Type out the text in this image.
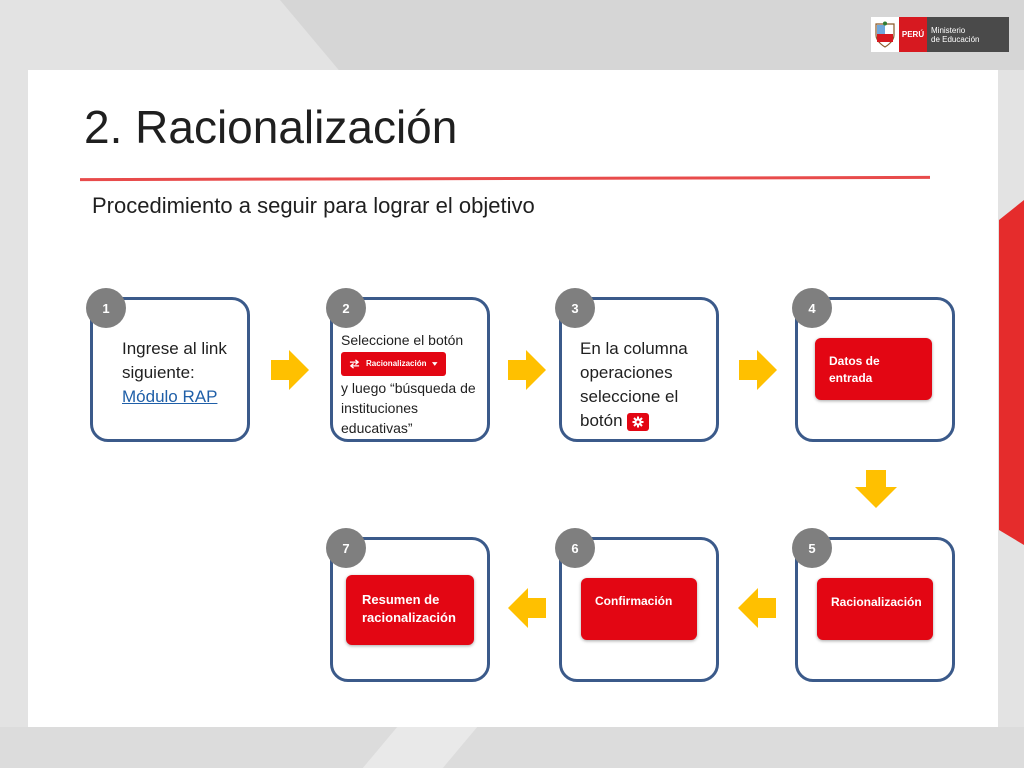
PERÚ Ministerio
de Educación
2. Racionalización
Procedimiento a seguir para lograr el objetivo
1
Ingrese al link
siguiente:
Módulo RAP
2
Seleccione el botón
Racionalización
y luego “búsqueda de instituciones educativas”
3
En la columna operaciones seleccione el botón
4
Datos de entrada
5
Racionalización
6
Confirmación
7
Resumen de racionalización
